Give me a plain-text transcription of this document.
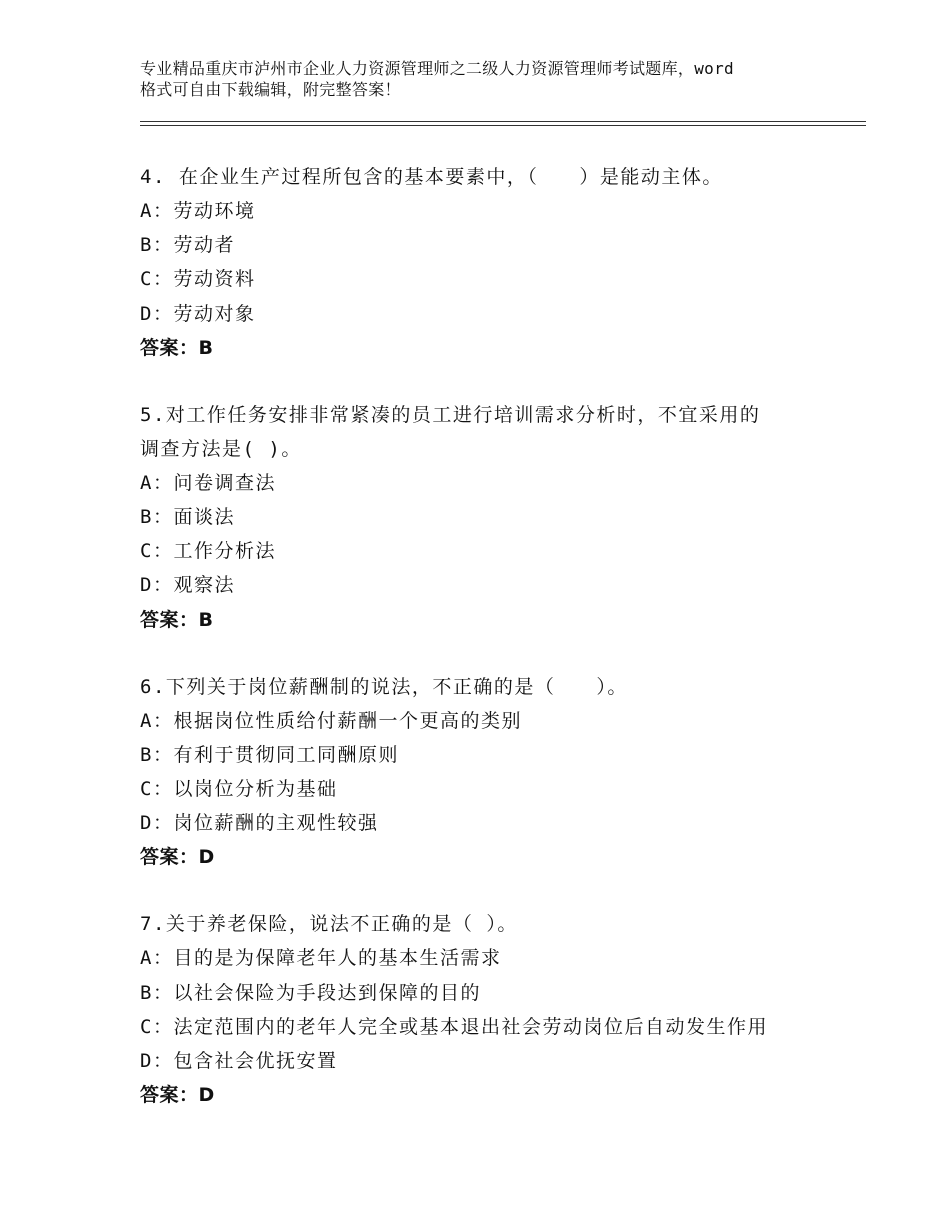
专业精品重庆市泸州市企业人力资源管理师之二级人力资源管理师考试题库，word
格式可自由下载编辑，附完整答案！

4. 在企业生产过程所包含的基本要素中，（　　）是能动主体。

A：劳动环境

B：劳动者

C：劳动资料

D：劳动对象

答案：B

5.对工作任务安排非常紧凑的员工进行培训需求分析时，不宜采用的

调查方法是( )。

A：问卷调查法

B：面谈法

C：工作分析法

D：观察法

答案：B

6.下列关于岗位薪酬制的说法，不正确的是（　　）。

A：根据岗位性质给付薪酬一个更高的类别

B：有利于贯彻同工同酬原则

C：以岗位分析为基础

D：岗位薪酬的主观性较强

答案：D

7.关于养老保险，说法不正确的是（ ）。

A：目的是为保障老年人的基本生活需求

B：以社会保险为手段达到保障的目的

C：法定范围内的老年人完全或基本退出社会劳动岗位后自动发生作用

D：包含社会优抚安置

答案：D
